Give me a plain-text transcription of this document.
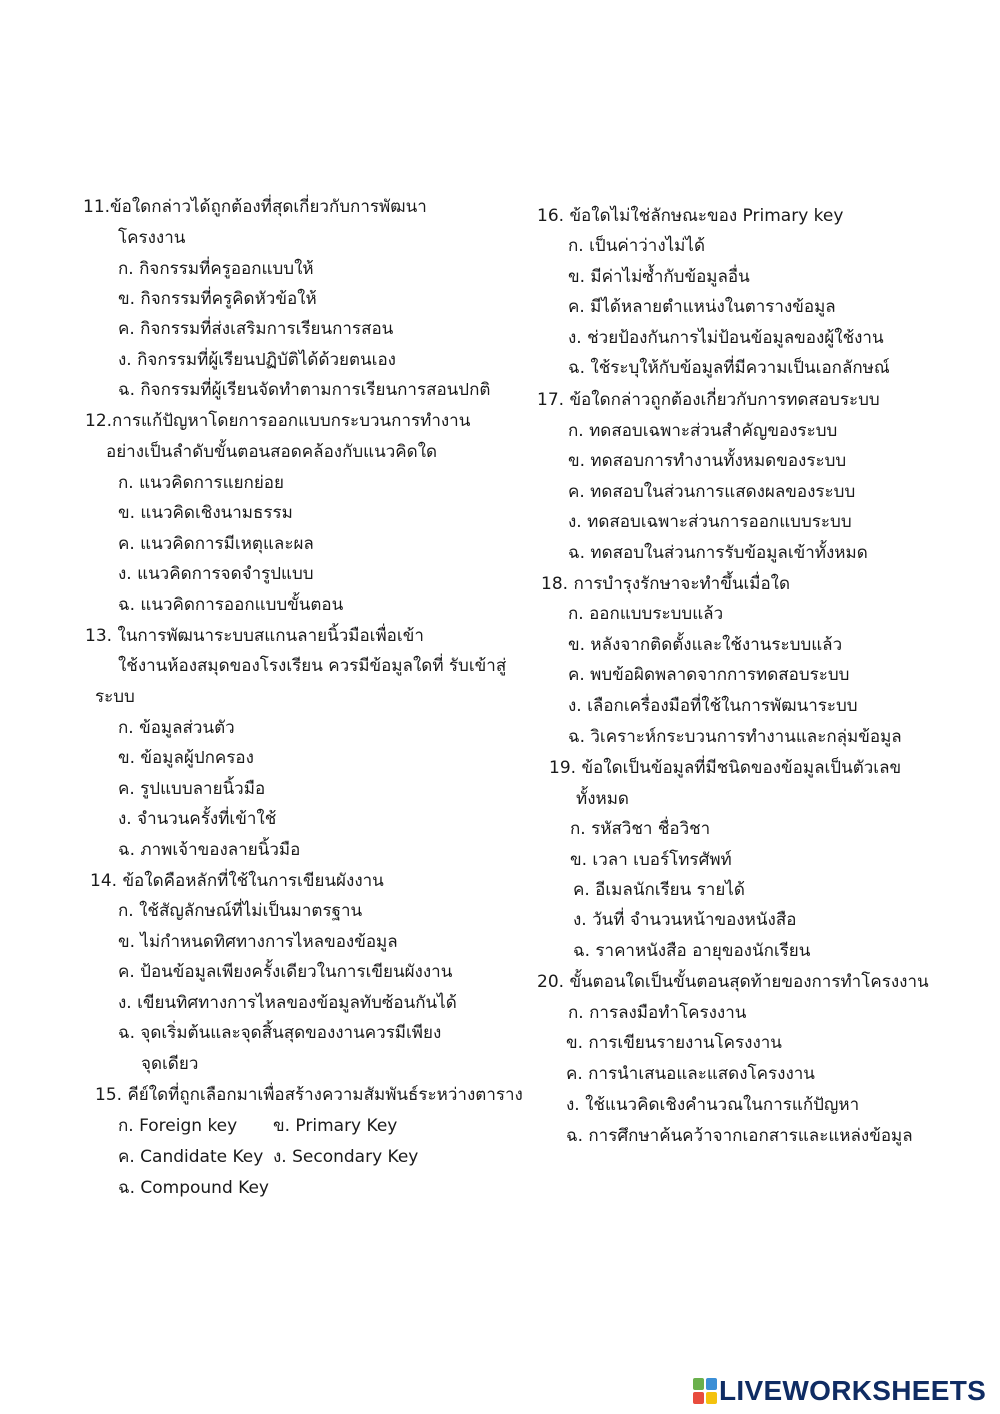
11.ข้อใดกล่าวได้ถูกต้องที่สุดเกี่ยวกับการพัฒนา
โครงงาน
ก. กิจกรรมที่ครูออกแบบให้
ข. กิจกรรมที่ครูคิดหัวข้อให้
ค. กิจกรรมที่ส่งเสริมการเรียนการสอน
ง. กิจกรรมที่ผู้เรียนปฏิบัติได้ด้วยตนเอง
ฉ. กิจกรรมที่ผู้เรียนจัดทำตามการเรียนการสอนปกติ
12.การแก้ปัญหาโดยการออกแบบกระบวนการทำงาน
อย่างเป็นลำดับขั้นตอนสอดคล้องกับแนวคิดใด
ก. แนวคิดการแยกย่อย
ข. แนวคิดเชิงนามธรรม
ค. แนวคิดการมีเหตุและผล
ง. แนวคิดการจดจำรูปแบบ
ฉ. แนวคิดการออกแบบขั้นตอน
13. ในการพัฒนาระบบสแกนลายนิ้วมือเพื่อเข้า
ใช้งานห้องสมุดของโรงเรียน ควรมีข้อมูลใดที่ รับเข้าสู่
ระบบ
ก. ข้อมูลส่วนตัว
ข. ข้อมูลผู้ปกครอง
ค. รูปแบบลายนิ้วมือ
ง. จำนวนครั้งที่เข้าใช้
ฉ. ภาพเจ้าของลายนิ้วมือ
14. ข้อใดคือหลักที่ใช้ในการเขียนผังงาน
ก. ใช้สัญลักษณ์ที่ไม่เป็นมาตรฐาน
ข. ไม่กำหนดทิศทางการไหลของข้อมูล
ค. ป้อนข้อมูลเพียงครั้งเดียวในการเขียนผังงาน
ง. เขียนทิศทางการไหลของข้อมูลทับซ้อนกันได้
ฉ. จุดเริ่มต้นและจุดสิ้นสุดของงานควรมีเพียง
จุดเดียว
15. คีย์ใดที่ถูกเลือกมาเพื่อสร้างความสัมพันธ์ระหว่างตาราง
ก. Foreign key ข. Primary Key
ค. Candidate Key ง. Secondary Key
ฉ. Compound Key
16. ข้อใดไม่ใช่ลักษณะของ Primary key
ก. เป็นค่าว่างไม่ได้
ข. มีค่าไม่ซ้ำกับข้อมูลอื่น
ค. มีได้หลายตำแหน่งในตารางข้อมูล
ง. ช่วยป้องกันการไม่ป้อนข้อมูลของผู้ใช้งาน
ฉ. ใช้ระบุให้กับข้อมูลที่มีความเป็นเอกลักษณ์
17. ข้อใดกล่าวถูกต้องเกี่ยวกับการทดสอบระบบ
ก. ทดสอบเฉพาะส่วนสำคัญของระบบ
ข. ทดสอบการทำงานทั้งหมดของระบบ
ค. ทดสอบในส่วนการแสดงผลของระบบ
ง. ทดสอบเฉพาะส่วนการออกแบบระบบ
ฉ. ทดสอบในส่วนการรับข้อมูลเข้าทั้งหมด
18. การบำรุงรักษาจะทำขึ้นเมื่อใด
ก. ออกแบบระบบแล้ว
ข. หลังจากติดตั้งและใช้งานระบบแล้ว
ค. พบข้อผิดพลาดจากการทดสอบระบบ
ง. เลือกเครื่องมือที่ใช้ในการพัฒนาระบบ
ฉ. วิเคราะห์กระบวนการทำงานและกลุ่มข้อมูล
19. ข้อใดเป็นข้อมูลที่มีชนิดของข้อมูลเป็นตัวเลข
ทั้งหมด
ก. รหัสวิชา ชื่อวิชา
ข. เวลา เบอร์โทรศัพท์
ค. อีเมลนักเรียน รายได้
ง. วันที่ จำนวนหน้าของหนังสือ
ฉ. ราคาหนังสือ อายุของนักเรียน
20. ขั้นตอนใดเป็นขั้นตอนสุดท้ายของการทำโครงงาน
ก. การลงมือทำโครงงาน
ข. การเขียนรายงานโครงงาน
ค. การนำเสนอและแสดงโครงงาน
ง. ใช้แนวคิดเชิงคำนวณในการแก้ปัญหา
ฉ. การศึกษาค้นคว้าจากเอกสารและแหล่งข้อมูล
LIVEWORKSHEETS
